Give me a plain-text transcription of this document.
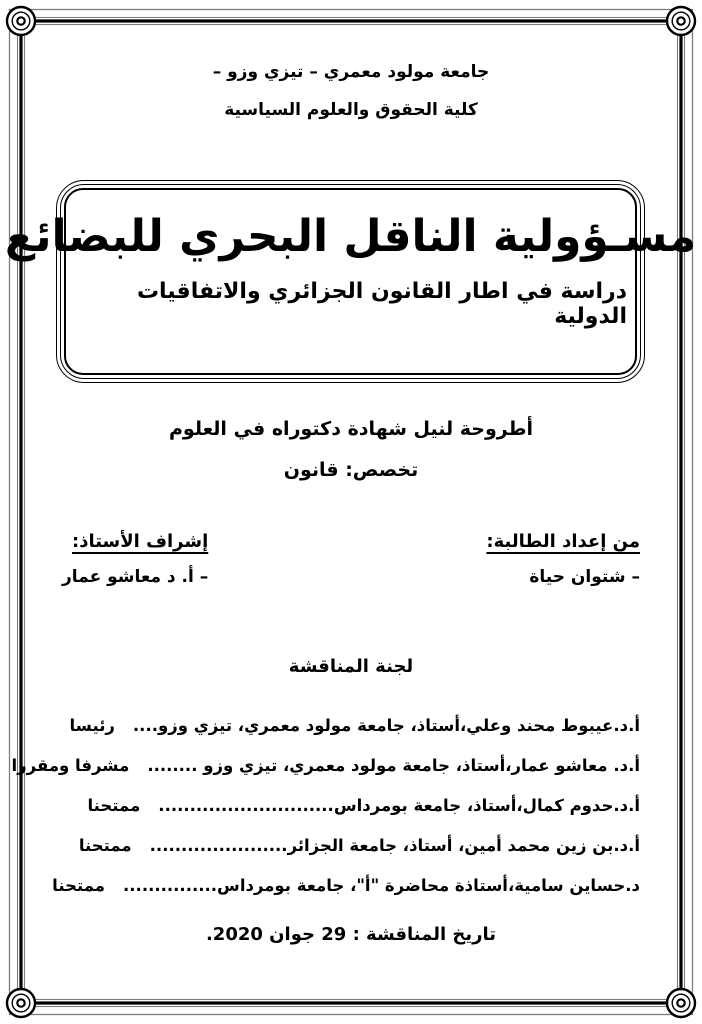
جامعة مولود معمري – تيزي وزو –
كلية الحقوق والعلوم السياسية
مسـؤولية الناقل البحري للبضائع
دراسة في اطار القانون الجزائري والاتفاقيات الدولية
أطروحة لنيل شهادة دكتوراه في العلوم
تخصص: قانون
من إعداد الطالبة:
– شتوان حياة
إشراف الأستاذ:
– أ. د معاشو عمار
لجنة المناقشة
أ.د.عيبوط محند وعلي،أستاذ، جامعة مولود معمري، تيزي وزو....رئيسا
أ.د. معاشو عمار،أستاذ، جامعة مولود معمري، تيزي وزو ........مشرفا ومقررا
أ.د.حدوم كمال،أستاذ، جامعة بومرداس............................ممتحنا
أ.د.بن زين محمد أمين، أستاذ، جامعة الجزائر......................ممتحنا
د.حساين سامية،أستاذة محاضرة "أ"، جامعة بومرداس...............ممتحنا
تاريخ المناقشة : 29 جوان 2020.
